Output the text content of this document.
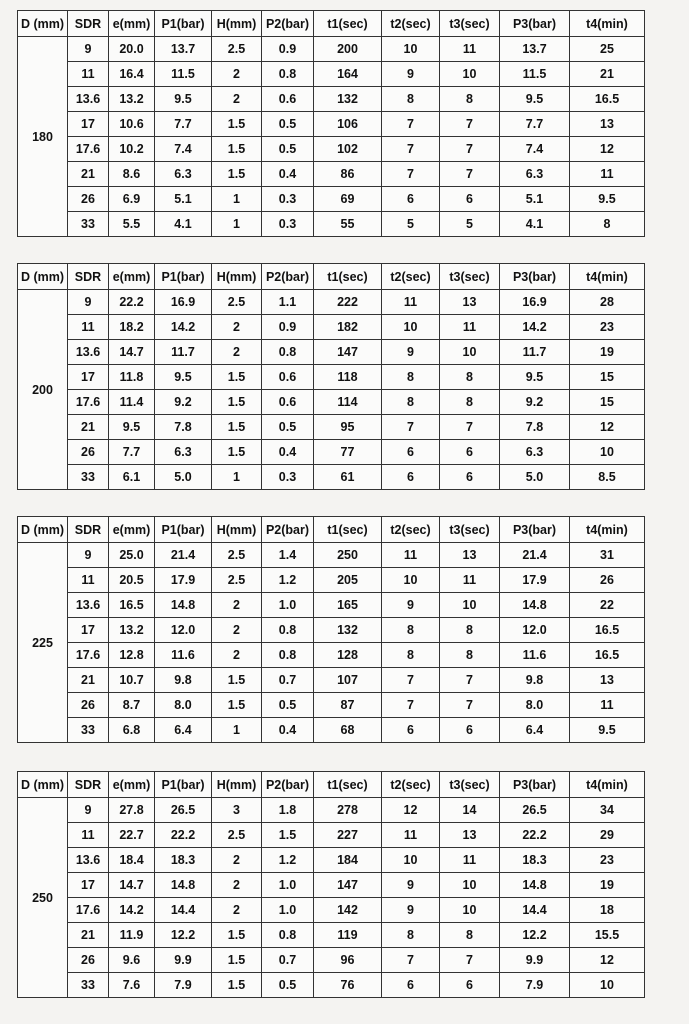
D (mm)	SDR	e(mm)	P1(bar)	H(mm)	P2(bar)	t1(sec)	t2(sec)	t3(sec)	P3(bar)	t4(min)
180	9	20.0	13.7	2.5	0.9	200	10	11	13.7	25
	11	16.4	11.5	2	0.8	164	9	10	11.5	21
	13.6	13.2	9.5	2	0.6	132	8	8	9.5	16.5
	17	10.6	7.7	1.5	0.5	106	7	7	7.7	13
	17.6	10.2	7.4	1.5	0.5	102	7	7	7.4	12
	21	8.6	6.3	1.5	0.4	86	7	7	6.3	11
	26	6.9	5.1	1	0.3	69	6	6	5.1	9.5
	33	5.5	4.1	1	0.3	55	5	5	4.1	8
D (mm)	SDR	e(mm)	P1(bar)	H(mm)	P2(bar)	t1(sec)	t2(sec)	t3(sec)	P3(bar)	t4(min)
200	9	22.2	16.9	2.5	1.1	222	11	13	16.9	28
	11	18.2	14.2	2	0.9	182	10	11	14.2	23
	13.6	14.7	11.7	2	0.8	147	9	10	11.7	19
	17	11.8	9.5	1.5	0.6	118	8	8	9.5	15
	17.6	11.4	9.2	1.5	0.6	114	8	8	9.2	15
	21	9.5	7.8	1.5	0.5	95	7	7	7.8	12
	26	7.7	6.3	1.5	0.4	77	6	6	6.3	10
	33	6.1	5.0	1	0.3	61	6	6	5.0	8.5
D (mm)	SDR	e(mm)	P1(bar)	H(mm)	P2(bar)	t1(sec)	t2(sec)	t3(sec)	P3(bar)	t4(min)
225	9	25.0	21.4	2.5	1.4	250	11	13	21.4	31
	11	20.5	17.9	2.5	1.2	205	10	11	17.9	26
	13.6	16.5	14.8	2	1.0	165	9	10	14.8	22
	17	13.2	12.0	2	0.8	132	8	8	12.0	16.5
	17.6	12.8	11.6	2	0.8	128	8	8	11.6	16.5
	21	10.7	9.8	1.5	0.7	107	7	7	9.8	13
	26	8.7	8.0	1.5	0.5	87	7	7	8.0	11
	33	6.8	6.4	1	0.4	68	6	6	6.4	9.5
D (mm)	SDR	e(mm)	P1(bar)	H(mm)	P2(bar)	t1(sec)	t2(sec)	t3(sec)	P3(bar)	t4(min)
250	9	27.8	26.5	3	1.8	278	12	14	26.5	34
	11	22.7	22.2	2.5	1.5	227	11	13	22.2	29
	13.6	18.4	18.3	2	1.2	184	10	11	18.3	23
	17	14.7	14.8	2	1.0	147	9	10	14.8	19
	17.6	14.2	14.4	2	1.0	142	9	10	14.4	18
	21	11.9	12.2	1.5	0.8	119	8	8	12.2	15.5
	26	9.6	9.9	1.5	0.7	96	7	7	9.9	12
	33	7.6	7.9	1.5	0.5	76	6	6	7.9	10
